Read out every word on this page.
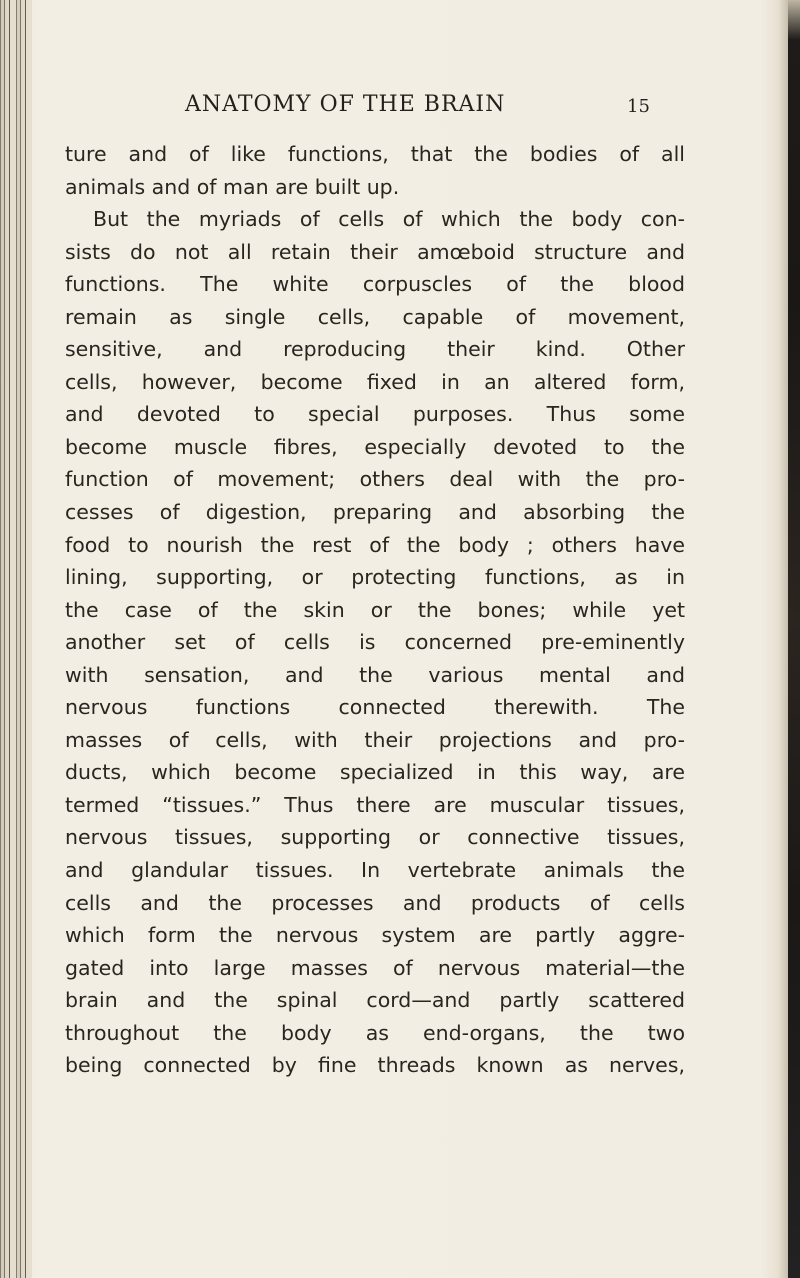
ANATOMY OF THE BRAIN	15
ture and of like functions, that the bodies of all
animals and of man are built up.
But the myriads of cells of which the body con-
sists do not all retain their amœboid structure and
functions. The white corpuscles of the blood
remain as single cells, capable of movement,
sensitive, and reproducing their kind. Other
cells, however, become fixed in an altered form,
and devoted to special purposes. Thus some
become muscle fibres, especially devoted to the
function of movement; others deal with the pro-
cesses of digestion, preparing and absorbing the
food to nourish the rest of the body ; others have
lining, supporting, or protecting functions, as in
the case of the skin or the bones; while yet
another set of cells is concerned pre-eminently
with sensation, and the various mental and
nervous functions connected therewith. The
masses of cells, with their projections and pro-
ducts, which become specialized in this way, are
termed “tissues.” Thus there are muscular tissues,
nervous tissues, supporting or connective tissues,
and glandular tissues. In vertebrate animals the
cells and the processes and products of cells
which form the nervous system are partly aggre-
gated into large masses of nervous material—the
brain and the spinal cord—and partly scattered
throughout the body as end-organs, the two
being connected by fine threads known as nerves,
